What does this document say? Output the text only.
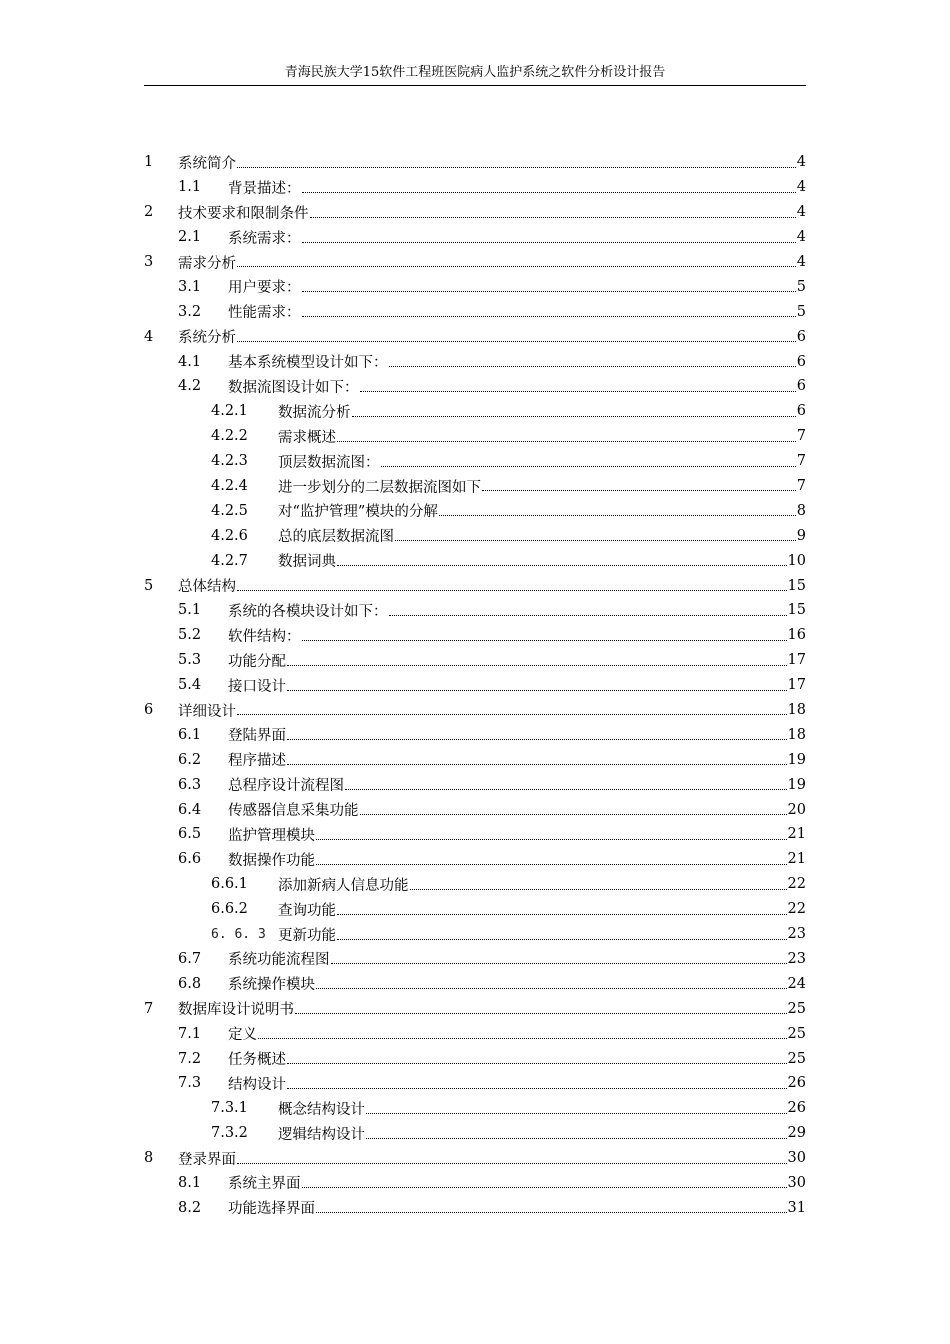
青海民族大学15软件工程班医院病人监护系统之软件分析设计报告
1	系统简介	4
1.1	背景描述：	4
2	技术要求和限制条件	4
2.1	系统需求：	4
3	需求分析	4
3.1	用户要求：	5
3.2	性能需求：	5
4	系统分析	6
4.1	基本系统模型设计如下：	6
4.2	数据流图设计如下：	6
4.2.1	数据流分析	6
4.2.2	需求概述	7
4.2.3	顶层数据流图：	7
4.2.4	进一步划分的二层数据流图如下	7
4.2.5	对“监护管理”模块的分解	8
4.2.6	总的底层数据流图	9
4.2.7	数据词典	10
5	总体结构	15
5.1	系统的各模块设计如下：	15
5.2	软件结构：	16
5.3	功能分配	17
5.4	接口设计	17
6	详细设计	18
6.1	登陆界面	18
6.2	程序描述	19
6.3	总程序设计流程图	19
6.4	传感器信息采集功能	20
6.5	监护管理模块	21
6.6	数据操作功能	21
6.6.1	添加新病人信息功能	22
6.6.2	查询功能	22
6. 6. 3 更新功能	23
6.7	系统功能流程图	23
6.8	系统操作模块	24
7	数据库设计说明书	25
7.1	定义	25
7.2	任务概述	25
7.3	结构设计	26
7.3.1	概念结构设计	26
7.3.2	逻辑结构设计	29
8	登录界面	30
8.1	系统主界面	30
8.2	功能选择界面	31
